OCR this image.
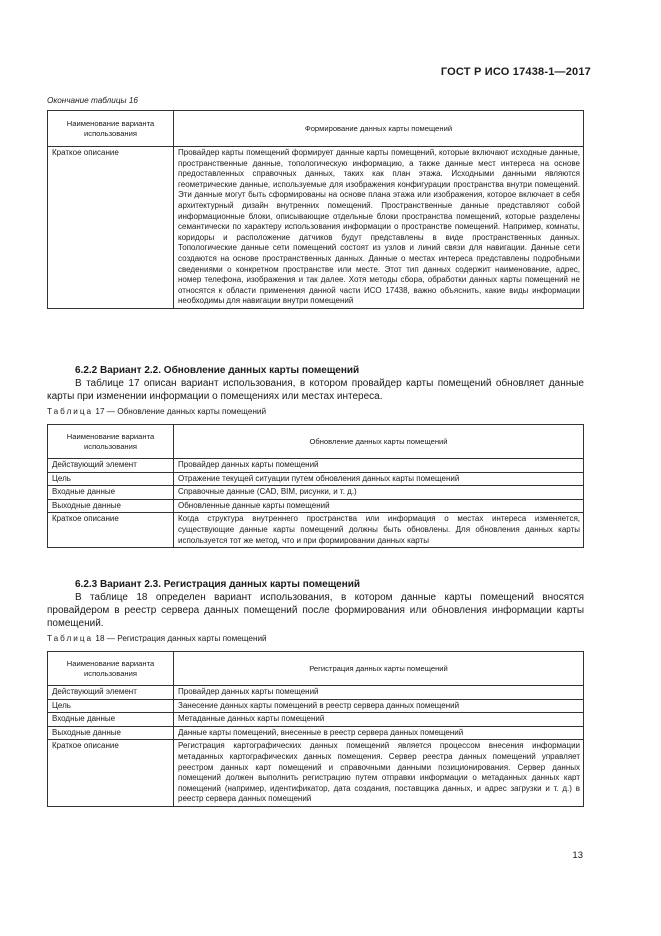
ГОСТ Р ИСО 17438-1—2017
Окончание таблицы 16
Наименование варианта использования	Формирование данных карты помещений
Краткое описание	Провайдер карты помещений формирует данные карты помещений, которые включают исходные данные, пространственные данные, топологическую информацию, а также данные мест интереса на основе предоставленных справочных данных, таких как план этажа. Исходными данными являются геометрические данные, используемые для изображения конфигурации пространства внутри помещений. Эти данные могут быть сформированы на основе плана этажа или изображения, которое включает в себя архитектурный дизайн внутренних помещений. Пространственные данные представляют собой информационные блоки, описывающие отдельные блоки пространства помещений, которые разделены семантически по характеру использования информации о пространстве помещений. Например, комнаты, коридоры и расположение датчиков будут представлены в виде пространственных данных. Топологические данные сети помещений состоят из узлов и линий связи для навигации. Данные сети создаются на основе пространственных данных. Данные о местах интереса представлены подробными сведениями о конкретном пространстве или месте. Этот тип данных содержит наименование, адрес, номер телефона, изображения и так далее. Хотя методы сбора, обработки данных карты помещений не относятся к области применения данной части ИСО 17438, важно объяснить, какие виды информации необходимы для навигации внутри помещений
6.2.2 Вариант 2.2. Обновление данных карты помещений
В таблице 17 описан вариант использования, в котором провайдер карты помещений обновляет данные карты при изменении информации о помещениях или местах интереса.
Таблица 17 — Обновление данных карты помещений
Наименование варианта использования	Обновление данных карты помещений
Действующий элемент	Провайдер данных карты помещений
Цель	Отражение текущей ситуации путем обновления данных карты помещений
Входные данные	Справочные данные (CAD, BIM, рисунки, и т. д.)
Выходные данные	Обновленные данные карты помещений
Краткое описание	Когда структура внутреннего пространства или информация о местах интереса изменяется, существующие данные карты помещений должны быть обновлены. Для обновления данных карты используется тот же метод, что и при формировании данных карты
6.2.3 Вариант 2.3. Регистрация данных карты помещений
В таблице 18 определен вариант использования, в котором данные карты помещений вносятся провайдером в реестр сервера данных помещений после формирования или обновления информации карты помещений.
Таблица 18 — Регистрация данных карты помещений
Наименование варианта использования	Регистрация данных карты помещений
Действующий элемент	Провайдер данных карты помещений
Цель	Занесение данных карты помещений в реестр сервера данных помещений
Входные данные	Метаданные данных карты помещений
Выходные данные	Данные карты помещений, внесенные в реестр сервера данных помещений
Краткое описание	Регистрация картографических данных помещений является процессом внесения информации метаданных картографических данных помещения. Сервер реестра данных помещений управляет реестром данных карт помещений и справочными данными позиционирования. Сервер данных помещений должен выполнить регистрацию путем отправки информации о метаданных данных карт помещений (например, идентификатор, дата создания, поставщика данных, и адрес загрузки и т. д.) в реестр сервера данных помещений
13
